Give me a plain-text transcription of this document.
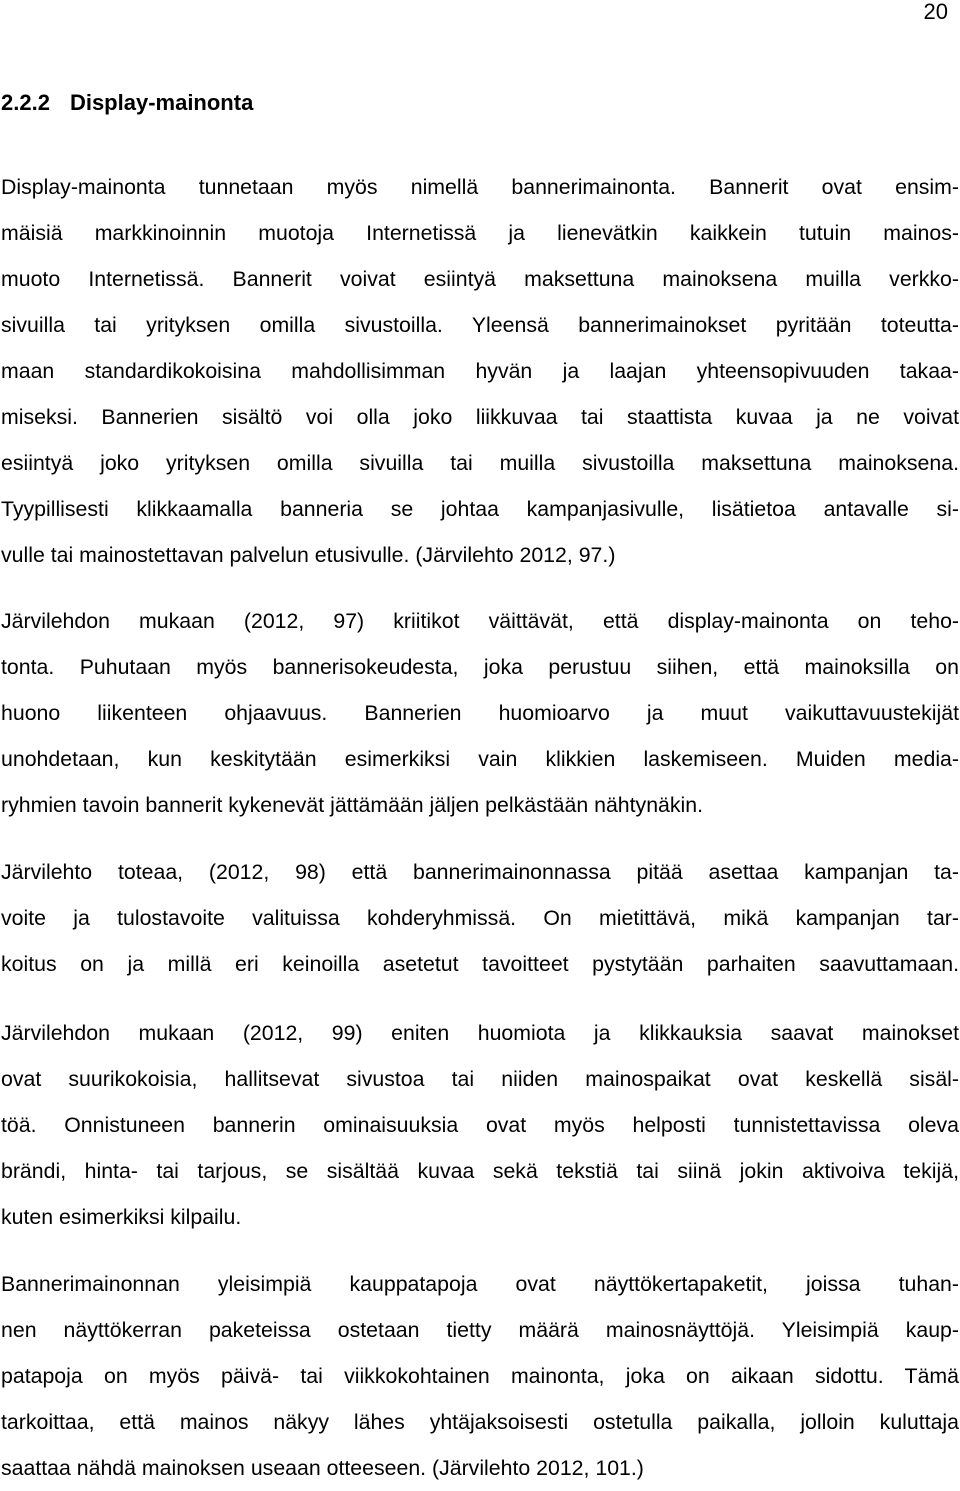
20
2.2.2 Display-mainonta
Display-mainonta tunnetaan myös nimellä bannerimainonta. Bannerit ovat ensim-
mäisiä markkinoinnin muotoja Internetissä ja lienevätkin kaikkein tutuin mainos-
muoto Internetissä. Bannerit voivat esiintyä maksettuna mainoksena muilla verkko-
sivuilla tai yrityksen omilla sivustoilla. Yleensä bannerimainokset pyritään toteutta-
maan standardikokoisina mahdollisimman hyvän ja laajan yhteensopivuuden takaa-
miseksi. Bannerien sisältö voi olla joko liikkuvaa tai staattista kuvaa ja ne voivat
esiintyä joko yrityksen omilla sivuilla tai muilla sivustoilla maksettuna mainoksena.
Tyypillisesti klikkaamalla banneria se johtaa kampanjasivulle, lisätietoa antavalle si-
vulle tai mainostettavan palvelun etusivulle. (Järvilehto 2012, 97.)
Järvilehdon mukaan (2012, 97) kriitikot väittävät, että display-mainonta on teho-
tonta. Puhutaan myös bannerisokeudesta, joka perustuu siihen, että mainoksilla on
huono liikenteen ohjaavuus. Bannerien huomioarvo ja muut vaikuttavuustekijät
unohdetaan, kun keskitytään esimerkiksi vain klikkien laskemiseen. Muiden media-
ryhmien tavoin bannerit kykenevät jättämään jäljen pelkästään nähtynäkin.
Järvilehto toteaa, (2012, 98) että bannerimainonnassa pitää asettaa kampanjan ta-
voite ja tulostavoite valituissa kohderyhmissä. On mietittävä, mikä kampanjan tar-
koitus on ja millä eri keinoilla asetetut tavoitteet pystytään parhaiten saavuttamaan.
Järvilehdon mukaan (2012, 99) eniten huomiota ja klikkauksia saavat mainokset
ovat suurikokoisia, hallitsevat sivustoa tai niiden mainospaikat ovat keskellä sisäl-
töä. Onnistuneen bannerin ominaisuuksia ovat myös helposti tunnistettavissa oleva
brändi, hinta- tai tarjous, se sisältää kuvaa sekä tekstiä tai siinä jokin aktivoiva tekijä,
kuten esimerkiksi kilpailu.
Bannerimainonnan yleisimpiä kauppatapoja ovat näyttökertapaketit, joissa tuhan-
nen näyttökerran paketeissa ostetaan tietty määrä mainosnäyttöjä. Yleisimpiä kaup-
patapoja on myös päivä- tai viikkokohtainen mainonta, joka on aikaan sidottu. Tämä
tarkoittaa, että mainos näkyy lähes yhtäjaksoisesti ostetulla paikalla, jolloin kuluttaja
saattaa nähdä mainoksen useaan otteeseen. (Järvilehto 2012, 101.)
